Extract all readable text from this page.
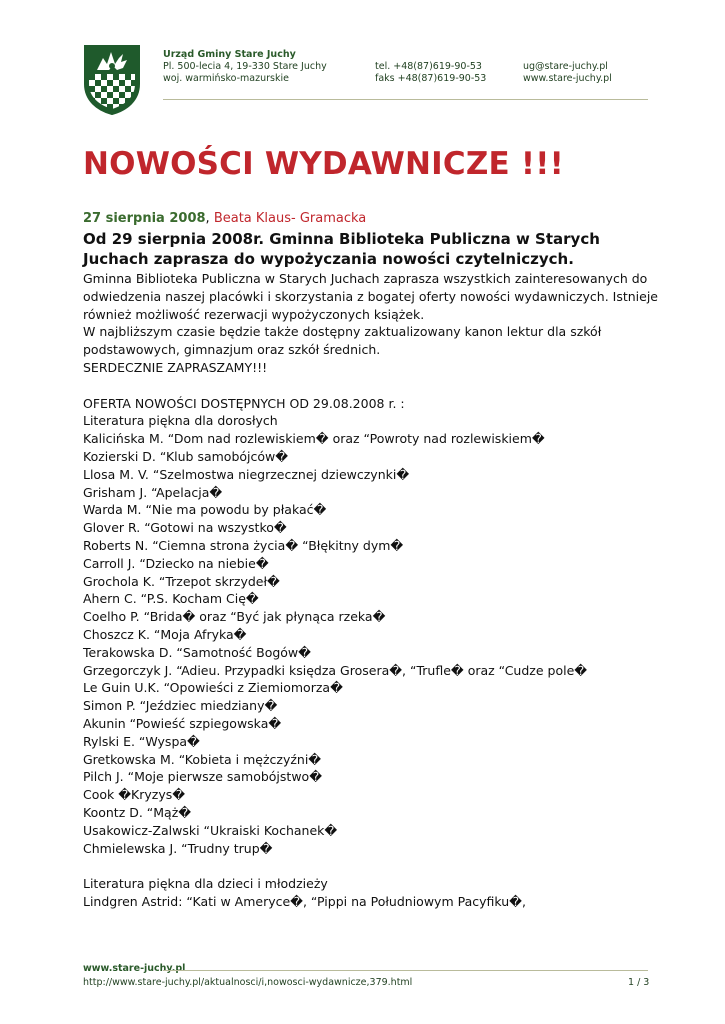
Urząd Gminy Stare Juchy
Pl. 500-lecia 4, 19-330 Stare Juchy
woj. warmińsko-mazurskie
tel. +48(87)619-90-53
faks +48(87)619-90-53
ug@stare-juchy.pl
www.stare-juchy.pl
NOWOŚCI WYDAWNICZE !!!
27 sierpnia 2008, Beata Klaus- Gramacka

Od 29 sierpnia 2008r. Gminna Biblioteka Publiczna w Starych Juchach zaprasza do wypożyczania nowości czytelniczych.

Gminna Biblioteka Publiczna w Starych Juchach zaprasza wszystkich zainteresowanych do odwiedzenia naszej placówki i skorzystania z bogatej oferty nowości wydawniczych. Istnieje również możliwość rezerwacji wypożyczonych książek.

W najbliższym czasie będzie także dostępny zaktualizowany kanon lektur dla szkół podstawowych, gimnazjum oraz szkół średnich.

SERDECZNIE ZAPRASZAMY!!!

OFERTA NOWOŚCI DOSTĘPNYCH OD 29.08.2008 r. :

Literatura piękna dla dorosłych

Kalicińska M. “Dom nad rozlewiskiem� oraz “Powroty nad rozlewiskiem�

Kozierski D. “Klub samobójców�

Llosa M. V. “Szelmostwa niegrzecznej dziewczynki�

Grisham J. “Apelacja�

Warda M. “Nie ma powodu by płakać�

Glover R. “Gotowi na wszystko�

Roberts N. “Ciemna strona życia� “Błękitny dym�

Carroll J. “Dziecko na niebie�

Grochola K. “Trzepot skrzydeł�

Ahern C. “P.S. Kocham Cię�

Coelho P. “Brida� oraz “Być jak płynąca rzeka�

Choszcz K. “Moja Afryka�

Terakowska D. “Samotność Bogów�

Grzegorczyk J. “Adieu. Przypadki księdza Grosera�, “Trufle� oraz “Cudze pole�

Le Guin U.K. “Opowieści z Ziemiomorza�

Simon P. “Jeździec miedziany�

Akunin “Powieść szpiegowska�

Rylski E. “Wyspa�

Gretkowska M. “Kobieta i mężczyźni�

Pilch J. “Moje pierwsze samobójstwo�

Cook �Kryzys�

Koontz D. “Mąż�

Usakowicz-Zalwski “Ukraiski Kochanek�

Chmielewska J. “Trudny trup�

Literatura piękna dla dzieci i młodzieży

Lindgren Astrid: “Kati w Ameryce�, “Pippi na Południowym Pacyfiku�,

www.stare-juchy.pl
http://www.stare-juchy.pl/aktualnosci/i,nowosci-wydawnicze,379.html	1 / 3
